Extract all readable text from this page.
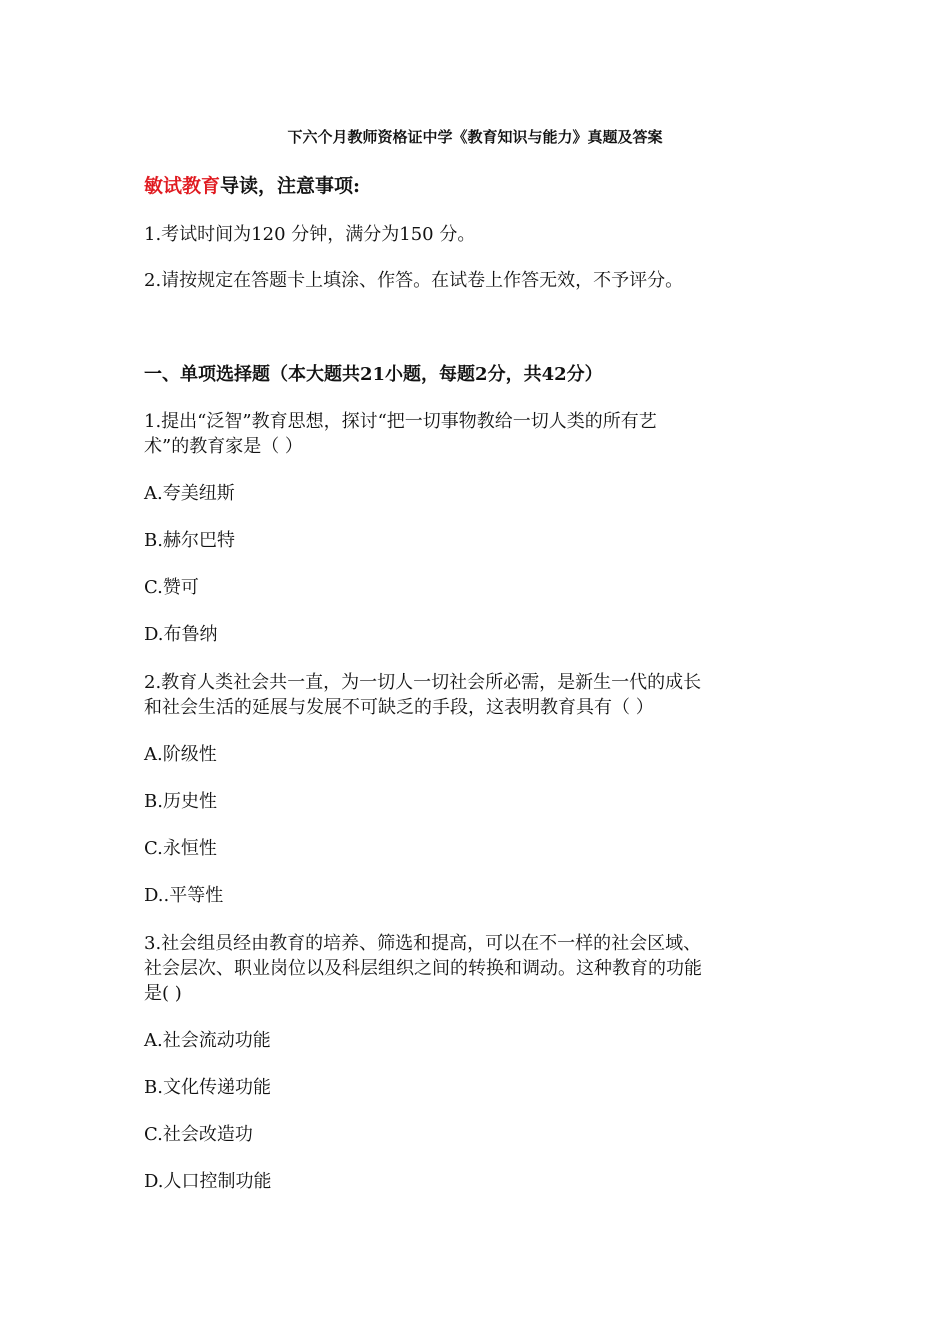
下六个月教师资格证中学《教育知识与能力》真题及答案
敏试教育导读，注意事项:
1.考试时间为120 分钟，满分为150 分。
2.请按规定在答题卡上填涂、作答。在试卷上作答无效，不予评分。
一、单项选择题（本大题共21小题，每题2分，共42分）
1.提出“泛智”教育思想，探讨“把一切事物教给一切人类的所有艺
术”的教育家是（ ）
A.夸美纽斯
B.赫尔巴特
C.赞可
D.布鲁纳
2.教育人类社会共一直，为一切人一切社会所必需，是新生一代的成长
和社会生活的延展与发展不可缺乏的手段，这表明教育具有（ ）
A.阶级性
B.历史性
C.永恒性
D..平等性
3.社会组员经由教育的培养、筛选和提高，可以在不一样的社会区域、
社会层次、职业岗位以及科层组织之间的转换和调动。这种教育的功能
是( )
A.社会流动功能
B.文化传递功能
C.社会改造功
D.人口控制功能
